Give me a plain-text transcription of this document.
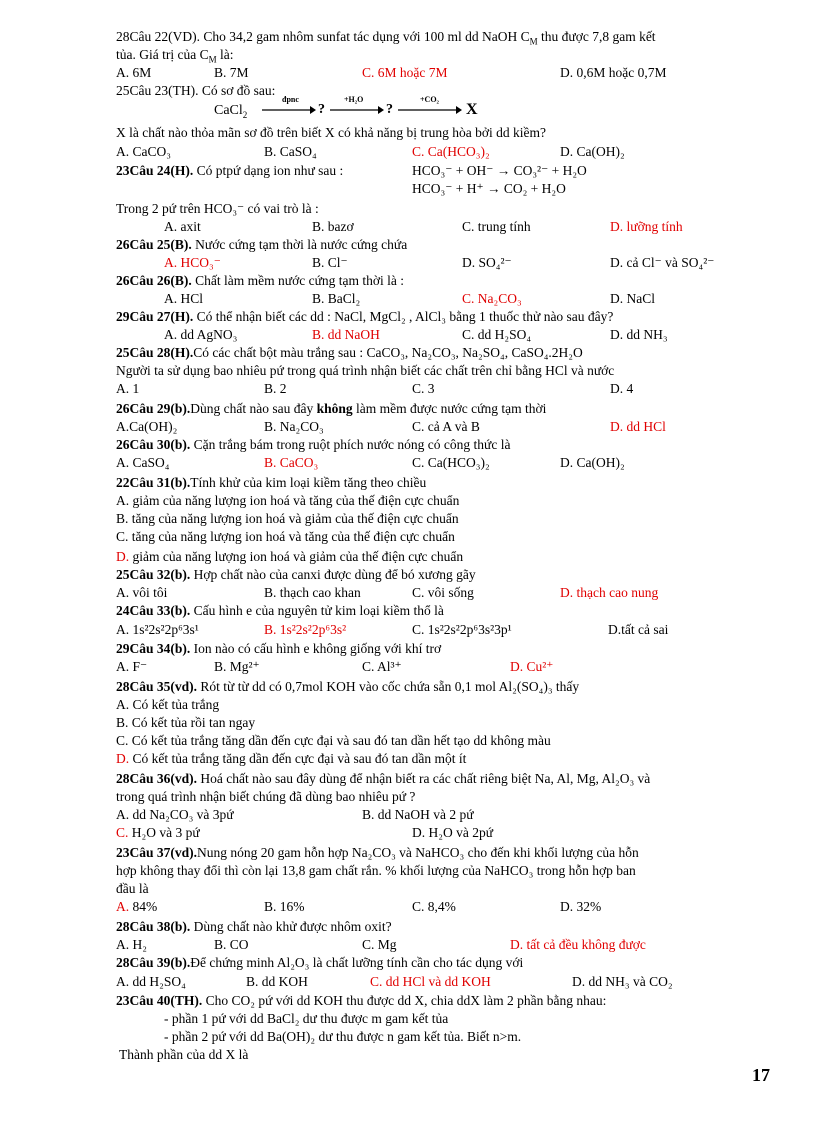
28Câu 22(VD). Cho 34,2 gam nhôm sunfat tác dụng với 100 ml dd NaOH $C_M$ thu được 7,8 gam kết
tủa. Giá trị của $C_M$ là:
A. 6M	B. 7M	C. 6M hoặc 7M	D. 0,6M hoặc 0,7M
25Câu 23(TH). Có sơ đồ sau:
CaCl$_2$
đpnc
?
+H₂O
?
+CO₂
X
X là chất nào thỏa mãn sơ đồ trên biết X có khả năng bị trung hòa bởi dd kiềm?
A. CaCO₃	B. CaSO₄	C. Ca(HCO₃)₂	D. Ca(OH)₂
23Câu 24(H). Có ptpứ dạng ion như sau :	HCO₃⁻ + OH⁻ → CO₃²⁻ + H₂O
HCO₃⁻ + H⁺ → CO₂ + H₂O
Trong 2 pứ trên HCO₃⁻ có vai trò là :
A. axit	B. bazơ	C. trung tính	D. lưỡng tính
26Câu 25(B). Nước cứng tạm thời là nước cứng chứa
A. HCO₃⁻	B. Cl⁻	D. SO₄²⁻	D. cả Cl⁻ và SO₄²⁻
26Câu 26(B). Chất làm mềm nước cứng tạm thời là :
A. HCl	B. BaCl₂	C. Na₂CO₃	D. NaCl
29Câu 27(H). Có thể nhận biết các dd : NaCl, MgCl₂ , AlCl₃ bằng 1 thuốc thử nào sau đây?
A. dd AgNO₃	B. dd NaOH	C. dd H₂SO₄	D. dd NH₃
25Câu 28(H).Có các chất bột màu trắng sau : CaCO₃, Na₂CO₃, Na₂SO₄, CaSO₄.2H₂O
Người ta sử dụng bao nhiêu pứ trong quá trình nhận biết các chất trên chỉ bằng HCl và nước
A. 1	B. 2	C. 3	D. 4
26Câu 29(b).Dùng chất nào sau đây không làm mềm được nước cứng tạm thời
A.Ca(OH)₂	B. Na₂CO₃	C. cả A và B	D. dd HCl
26Câu 30(b). Cặn trắng bám trong ruột phích nước nóng có công thức là
A. CaSO₄	B. CaCO₃	C. Ca(HCO₃)₂	D. Ca(OH)₂
22Câu 31(b).Tính khử của kim loại kiềm tăng theo chiều
A. giảm của năng lượng ion hoá và tăng của thế điện cực chuẩn
B. tăng của năng lượng ion hoá và giảm của thế điện cực chuẩn
C. tăng của năng lượng ion hoá và tăng của thế điện cực chuẩn
D. giảm của năng lượng ion hoá và giảm của thế điện cực chuẩn
25Câu 32(b). Hợp chất nào của canxi được dùng để bó xương gãy
A. vôi tôi	B. thạch cao khan	C. vôi sống	D. thạch cao nung
24Câu 33(b). Cấu hình e của nguyên tử kim loại kiềm thổ là
A. 1s²2s²2p⁶3s¹	B. 1s²2s²2p⁶3s²	C. 1s²2s²2p⁶3s²3p¹	D.tất cả sai
29Câu 34(b). Ion nào có cấu hình e không giống với khí trơ
A. F⁻	B. Mg²⁺	C. Al³⁺	D. Cu²⁺
28Câu 35(vd). Rót từ từ dd có 0,7mol KOH vào cốc chứa sẵn 0,1 mol Al₂(SO₄)₃ thấy
A. Có kết tủa trắng
B. Có kết tủa rồi tan ngay
C. Có kết tủa trắng tăng dần đến cực đại và sau đó tan dần hết tạo dd không màu
D. Có kết tủa trắng tăng dần đến cực đại và sau đó tan dần một ít
28Câu 36(vd). Hoá chất nào sau đây dùng để nhận biết ra các chất riêng biệt Na, Al, Mg, Al₂O₃ và
trong quá trình nhận biết chúng đã dùng bao nhiêu pứ ?
A. dd Na₂CO₃ và 3pứ	B. dd NaOH và 2 pứ
C. H₂O và 3 pứ	D. H₂O và 2pứ
23Câu 37(vd).Nung nóng 20 gam hỗn hợp Na₂CO₃ và NaHCO₃ cho đến khi khối lượng của hỗn
hợp không thay đổi thì còn lại 13,8 gam chất rắn. % khối lượng của NaHCO₃ trong hỗn hợp ban
đầu là
A. 84%	B. 16%	C. 8,4%	D. 32%
28Câu 38(b). Dùng chất nào khử được nhôm oxit?
A. H₂	B. CO	C. Mg	D. tất cả đều không được
28Câu 39(b).Để chứng minh Al₂O₃ là chất lưỡng tính cần cho tác dụng với
A. dd H₂SO₄	B. dd KOH	C. dd HCl và dd KOH	D. dd NH₃ và CO₂
23Câu 40(TH). Cho CO₂ pứ với dd KOH thu được dd X, chia ddX làm 2 phần bằng nhau:
- phần 1 pứ với dd BaCl₂ dư thu được m gam kết tủa
- phần 2 pứ với dd Ba(OH)₂ dư thu được n gam kết tủa. Biết n>m.
Thành phần của dd X là
17
